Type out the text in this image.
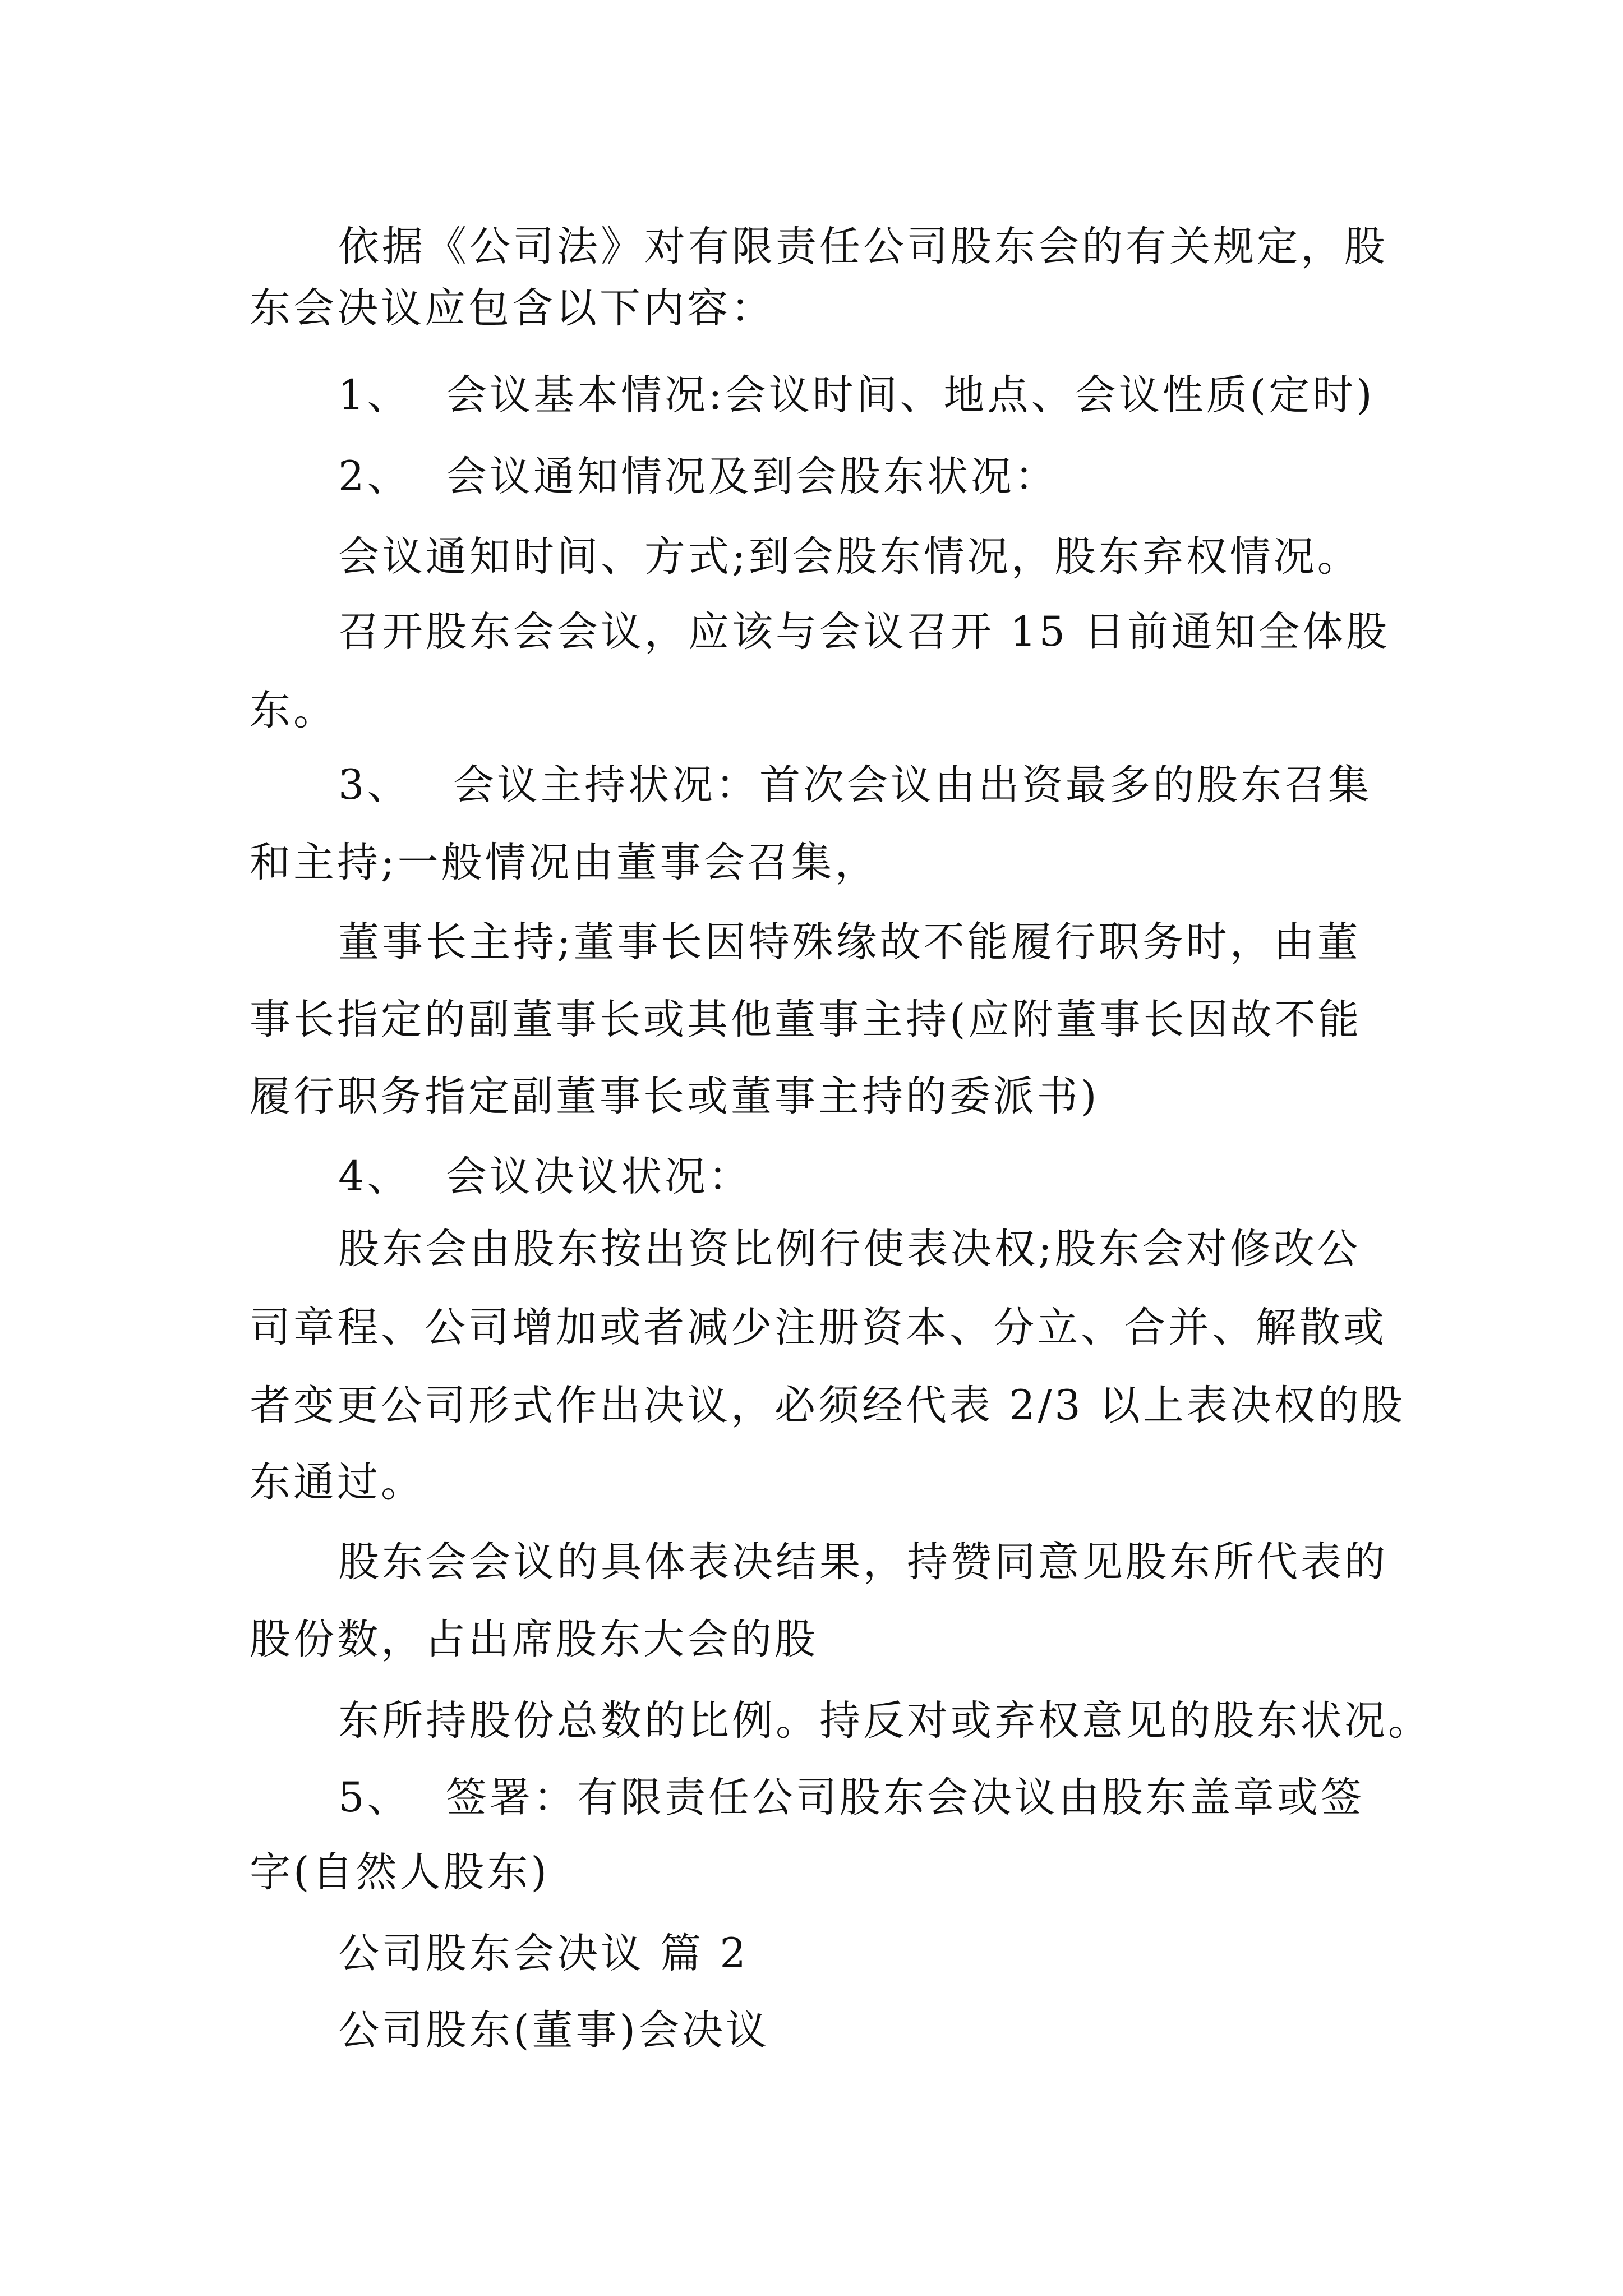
依据《公司法》对有限责任公司股东会的有关规定，股
东会决议应包含以下内容：
1、 会议基本情况:会议时间、地点、会议性质(定时)
2、 会议通知情况及到会股东状况：
会议通知时间、方式;到会股东情况，股东弃权情况。
召开股东会会议，应该与会议召开 15 日前通知全体股
东。
3、 会议主持状况：首次会议由出资最多的股东召集
和主持;一般情况由董事会召集，
董事长主持;董事长因特殊缘故不能履行职务时，由董
事长指定的副董事长或其他董事主持(应附董事长因故不能
履行职务指定副董事长或董事主持的委派书)
4、 会议决议状况：
股东会由股东按出资比例行使表决权;股东会对修改公
司章程、公司增加或者减少注册资本、分立、合并、解散或
者变更公司形式作出决议，必须经代表 2/3 以上表决权的股
东通过。
股东会会议的具体表决结果，持赞同意见股东所代表的
股份数，占出席股东大会的股
东所持股份总数的比例。持反对或弃权意见的股东状况。
5、 签署：有限责任公司股东会决议由股东盖章或签
字(自然人股东)
公司股东会决议 篇 2
公司股东(董事)会决议
